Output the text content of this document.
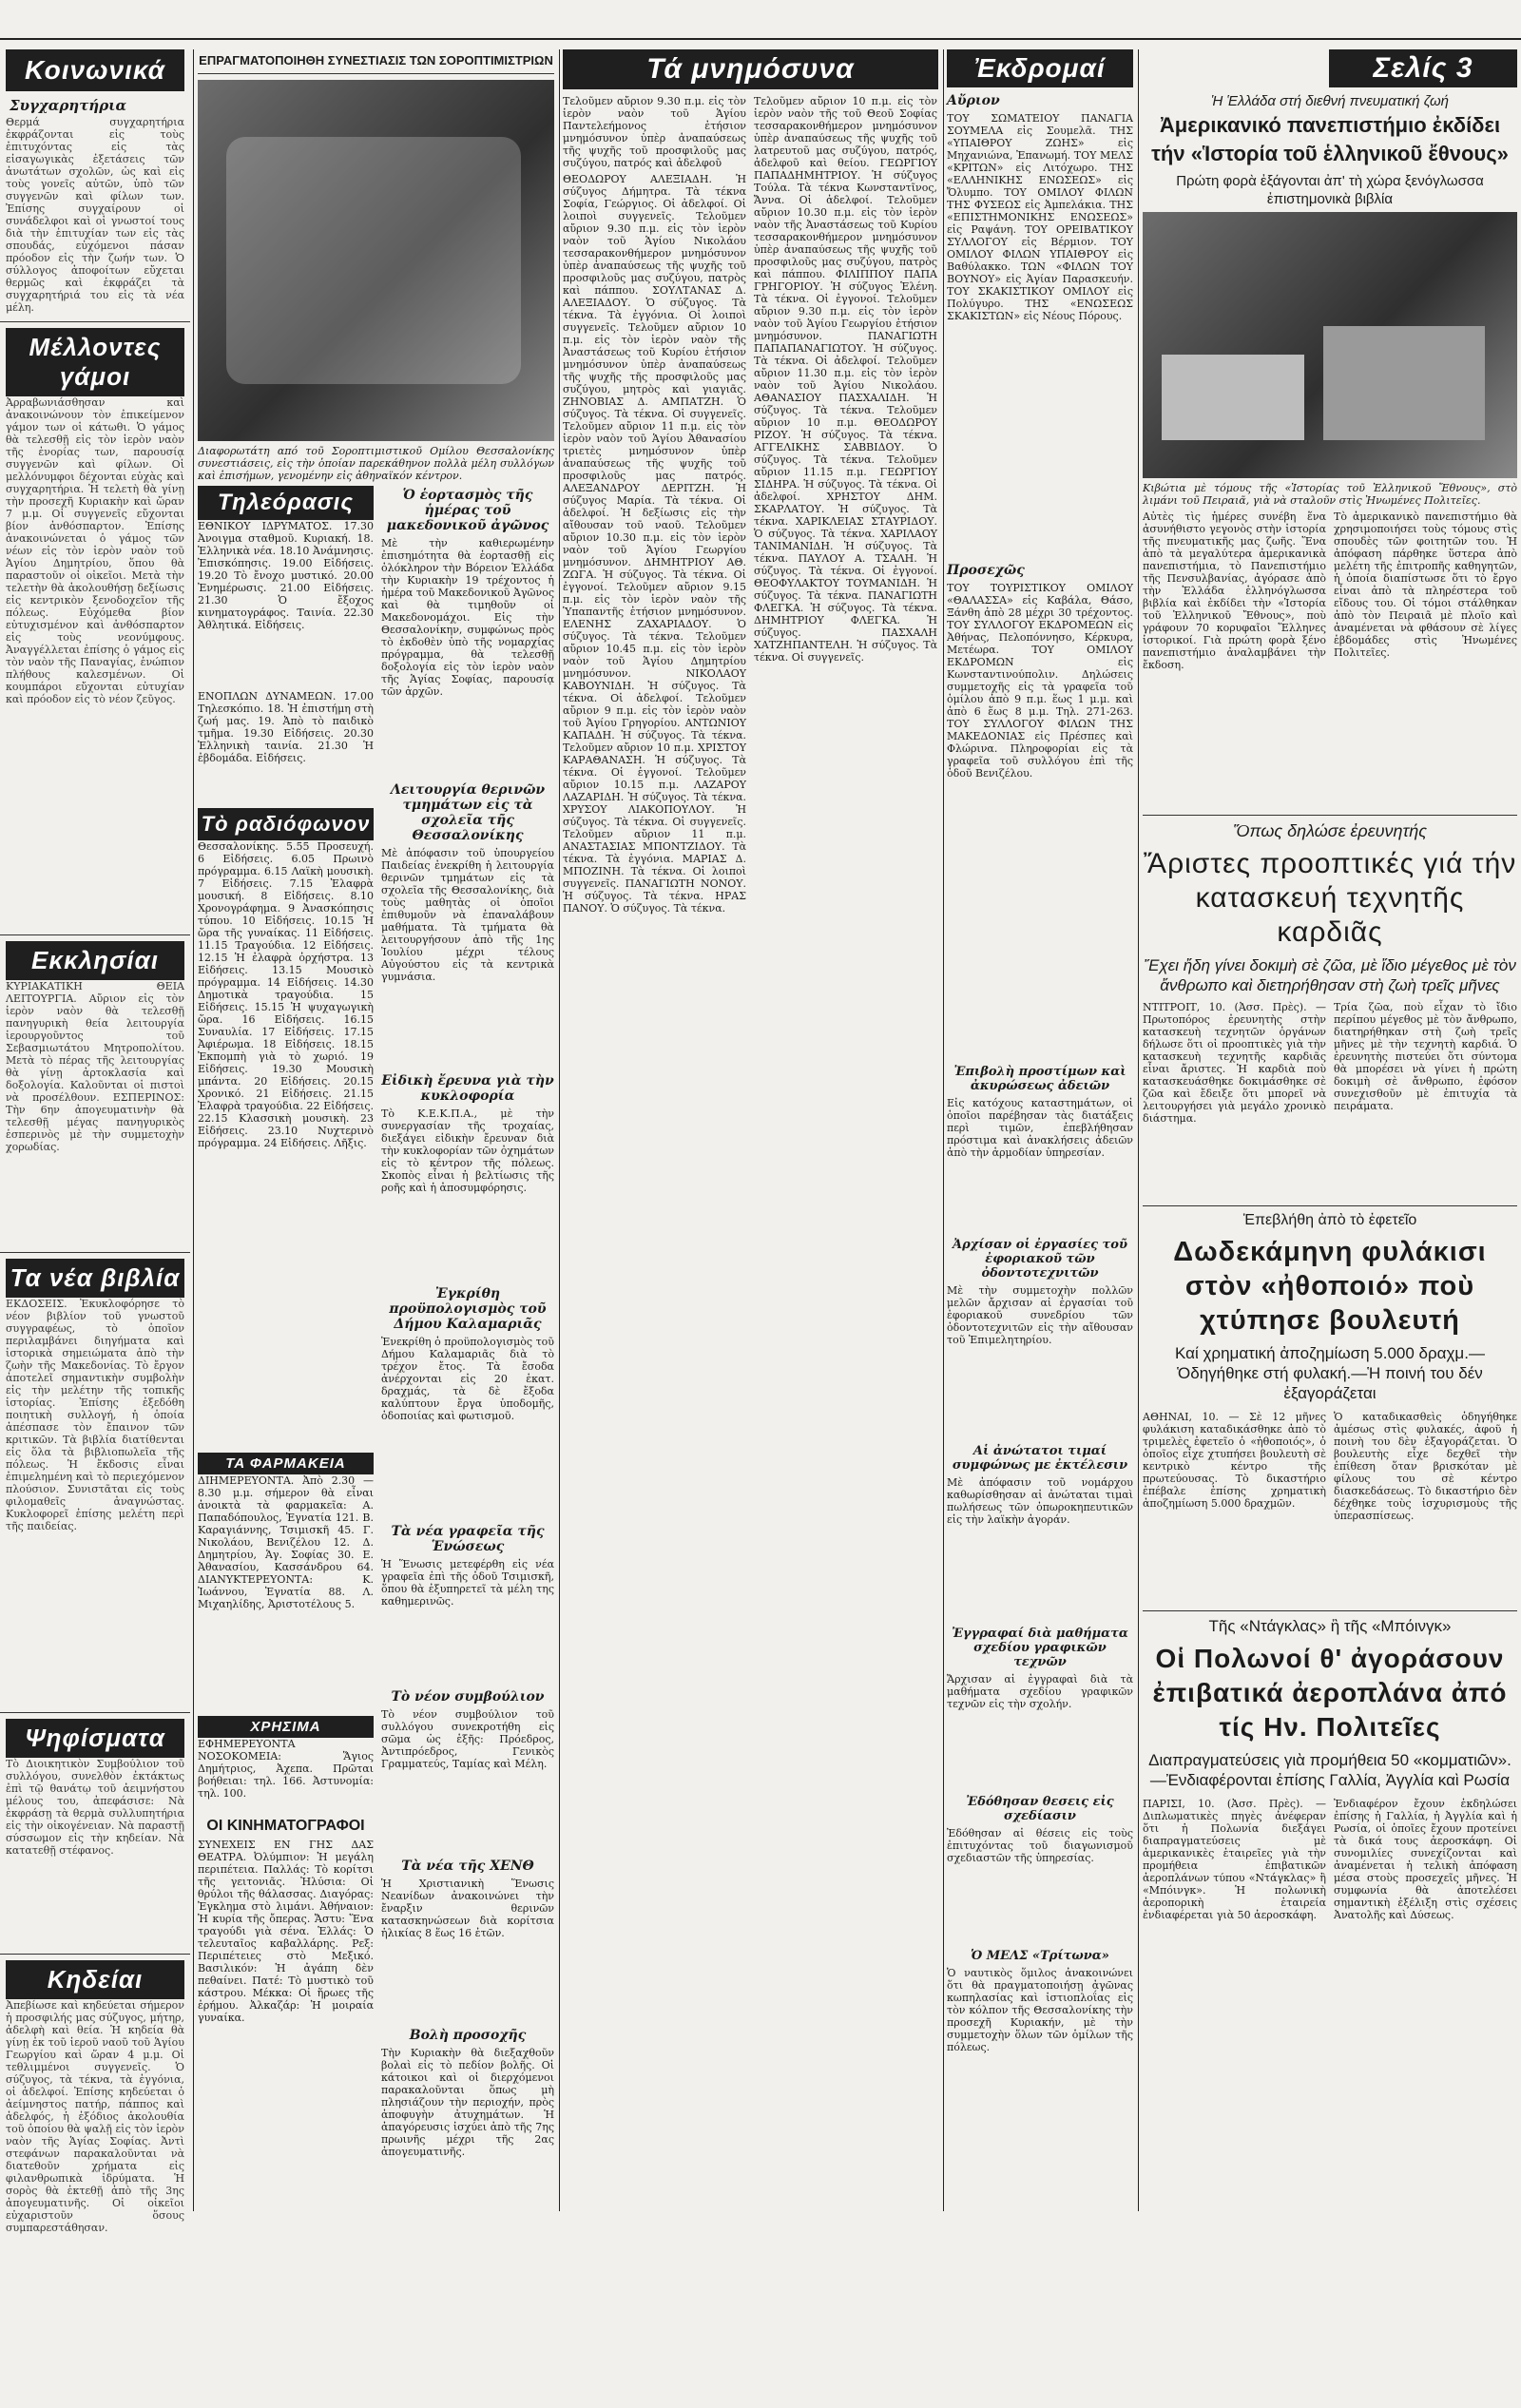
Κοινωνικά
Συγχαρητήρια

Θερμά συγχαρητήρια ἐκφράζονται εἰς τοὺς ἐπιτυχόντας εἰς τὰς εἰσαγωγικὰς ἐξετάσεις τῶν ἀνωτάτων σχολῶν, ὡς καὶ εἰς τοὺς γονεῖς αὐτῶν, ὑπὸ τῶν συγγενῶν καὶ φίλων των. Ἐπίσης συγχαίρουν οἱ συνάδελφοι καὶ οἱ γνωστοί τους διὰ τὴν ἐπιτυχίαν των εἰς τὰς σπουδάς, εὐχόμενοι πάσαν πρόοδον εἰς τὴν ζωήν των. Ὁ σύλλογος ἀποφοίτων εὔχεται θερμῶς καὶ ἐκφράζει τὰ συγχαρητήριά του εἰς τὰ νέα μέλη.

Μέλλοντες γάμοι

Ἀρραβωνιάσθησαν καὶ ἀνακοινώνουν τὸν ἐπικείμενον γάμον των οἱ κάτωθι. Ὁ γάμος θὰ τελεσθῇ εἰς τὸν ἱερὸν ναὸν τῆς ἐνορίας των, παρουσίᾳ συγγενῶν καὶ φίλων. Οἱ μελλόνυμφοι δέχονται εὐχὰς καὶ συγχαρητήρια. Ἡ τελετὴ θὰ γίνῃ τὴν προσεχῆ Κυριακὴν καὶ ὥραν 7 μ.μ. Οἱ συγγενεῖς εὔχονται βίον ἀνθόσπαρτον. Ἐπίσης ἀνακοινώνεται ὁ γάμος τῶν νέων εἰς τὸν ἱερὸν ναὸν τοῦ Ἁγίου Δημητρίου, ὅπου θὰ παραστοῦν οἱ οἰκεῖοι. Μετὰ τὴν τελετὴν θὰ ἀκολουθήσῃ δεξίωσις εἰς κεντρικὸν ξενοδοχεῖον τῆς πόλεως. Εὐχόμεθα βίον εὐτυχισμένον καὶ ἀνθόσπαρτον εἰς τοὺς νεονύμφους. Ἀναγγέλλεται ἐπίσης ὁ γάμος εἰς τὸν ναὸν τῆς Παναγίας, ἐνώπιον πλήθους καλεσμένων. Οἱ κουμπάροι εὔχονται εὐτυχίαν καὶ πρόοδον εἰς τὸ νέον ζεῦγος.

Εκκλησίαι

ΚΥΡΙΑΚΑΤΙΚΗ ΘΕΙΑ ΛΕΙΤΟΥΡΓΙΑ. Αὔριον εἰς τὸν ἱερὸν ναὸν θὰ τελεσθῇ πανηγυρικὴ θεία λειτουργία ἱερουργοῦντος τοῦ Σεβασμιωτάτου Μητροπολίτου. Μετὰ τὸ πέρας τῆς λειτουργίας θὰ γίνῃ ἀρτοκλασία καὶ δοξολογία. Καλοῦνται οἱ πιστοὶ νὰ προσέλθουν. ΕΣΠΕΡΙΝΟΣ: Τὴν 6ην ἀπογευματινὴν θὰ τελεσθῇ μέγας πανηγυρικὸς ἑσπερινὸς μὲ τὴν συμμετοχὴν χορωδίας.

Τα νέα βιβλία

ΕΚΔΟΣΕΙΣ. Ἐκυκλοφόρησε τὸ νέον βιβλίον τοῦ γνωστοῦ συγγραφέως, τὸ ὁποῖον περιλαμβάνει διηγήματα καὶ ἱστορικὰ σημειώματα ἀπὸ τὴν ζωὴν τῆς Μακεδονίας. Τὸ ἔργον ἀποτελεῖ σημαντικὴν συμβολὴν εἰς τὴν μελέτην τῆς τοπικῆς ἱστορίας. Ἐπίσης ἐξεδόθη ποιητικὴ συλλογή, ἡ ὁποία ἀπέσπασε τὸν ἔπαινον τῶν κριτικῶν. Τὰ βιβλία διατίθενται εἰς ὅλα τὰ βιβλιοπωλεῖα τῆς πόλεως. Ἡ ἔκδοσις εἶναι ἐπιμελημένη καὶ τὸ περιεχόμενον πλούσιον. Συνιστᾶται εἰς τοὺς φιλομαθεῖς ἀναγνώστας. Κυκλοφορεῖ ἐπίσης μελέτη περὶ τῆς παιδείας.

Ψηφίσματα

Τὸ Διοικητικὸν Συμβούλιον τοῦ συλλόγου, συνελθὸν ἐκτάκτως ἐπὶ τῷ θανάτῳ τοῦ ἀειμνήστου μέλους του, ἀπεφάσισε: Νὰ ἐκφράσῃ τὰ θερμὰ συλλυπητήρια εἰς τὴν οἰκογένειαν. Νὰ παραστῇ σύσσωμον εἰς τὴν κηδείαν. Νὰ κατατεθῇ στέφανος.

Κηδείαι

Ἀπεβίωσε καὶ κηδεύεται σήμερον ἡ προσφιλής μας σύζυγος, μήτηρ, ἀδελφὴ καὶ θεία. Ἡ κηδεία θὰ γίνῃ ἐκ τοῦ ἱεροῦ ναοῦ τοῦ Ἁγίου Γεωργίου καὶ ὥραν 4 μ.μ. Οἱ τεθλιμμένοι συγγενεῖς. Ὁ σύζυγος, τὰ τέκνα, τὰ ἐγγόνια, οἱ ἀδελφοί. Ἐπίσης κηδεύεται ὁ ἀείμνηστος πατήρ, πάππος καὶ ἀδελφός, ἡ ἐξόδιος ἀκολουθία τοῦ ὁποίου θὰ ψαλῇ εἰς τὸν ἱερὸν ναὸν τῆς Ἁγίας Σοφίας. Ἀντὶ στεφάνων παρακαλοῦνται νὰ διατεθοῦν χρήματα εἰς φιλανθρωπικὰ ἱδρύματα. Ἡ σορὸς θὰ ἐκτεθῇ ἀπὸ τῆς 3ης ἀπογευματινῆς. Οἱ οἰκεῖοι εὐχαριστοῦν ὅσους συμπαρεστάθησαν.

ΕΠΡΑΓΜΑΤΟΠΟΙΗΘΗ ΣΥΝΕΣΤΙΑΣΙΣ ΤΩΝ ΣΟΡΟΠΤΙΜΙΣΤΡΙΩΝ

Διαφορωτάτη από τοῦ Σοροπτιμιστικοῦ Ομίλου Θεσσαλονίκης συνεστιάσεις, εἰς τὴν ὁποίαν παρεκάθηνον πολλὰ μέλη συλλόγων καὶ ἐπισήμων, γενομένην εἰς ἀθηναϊκόν κέντρον.

Τηλεόρασις

ΕΘΝΙΚΟΥ ΙΔΡΥΜΑΤΟΣ. 17.30 Ἀνοιγμα σταθμοῦ. Κυριακή. 18. Ἑλληνικὰ νέα. 18.10 Ἀνάμνησις. Ἐπισκόπησις. 19.00 Εἰδήσεις. 19.20 Τὸ ἔνοχο μυστικό. 20.00 Ἐνημέρωσις. 21.00 Εἰδήσεις. 21.30 Ὁ ἔξοχος κινηματογράφος. Ταινία. 22.30 Ἀθλητικά. Εἰδήσεις.

ΕΝΟΠΛΩΝ ΔΥΝΑΜΕΩΝ. 17.00 Τηλεσκόπιο. 18. Ἡ ἐπιστήμη στὴ ζωή μας. 19. Ἀπὸ τὸ παιδικὸ τμῆμα. 19.30 Εἰδήσεις. 20.30 Ἑλληνικὴ ταινία. 21.30 Ἡ ἐβδομάδα. Εἰδήσεις.

Τὸ ραδιόφωνον

Θεσσαλονίκης. 5.55 Προσευχή. 6 Εἰδήσεις. 6.05 Πρωινὸ πρόγραμμα. 6.15 Λαϊκὴ μουσικὴ. 7 Εἰδήσεις. 7.15 Ἐλαφρὰ μουσική. 8 Εἰδήσεις. 8.10 Χρονογράφημα. 9 Ἀνασκόπησις τύπου. 10 Εἰδήσεις. 10.15 Ἡ ὥρα τῆς γυναίκας. 11 Εἰδήσεις. 11.15 Τραγούδια. 12 Εἰδήσεις. 12.15 Ἡ ἐλαφρὰ ὀρχήστρα. 13 Εἰδήσεις. 13.15 Μουσικὸ πρόγραμμα. 14 Εἰδήσεις. 14.30 Δημοτικὰ τραγούδια. 15 Εἰδήσεις. 15.15 Ἡ ψυχαγωγικὴ ὥρα. 16 Εἰδήσεις. 16.15 Συναυλία. 17 Εἰδήσεις. 17.15 Ἀφιέρωμα. 18 Εἰδήσεις. 18.15 Ἐκπομπὴ γιὰ τὸ χωριό. 19 Εἰδήσεις. 19.30 Μουσικὴ μπάντα. 20 Εἰδήσεις. 20.15 Χρονικό. 21 Εἰδήσεις. 21.15 Ἐλαφρὰ τραγούδια. 22 Εἰδήσεις. 22.15 Κλασσικὴ μουσικὴ. 23 Εἰδήσεις. 23.10 Νυχτερινὸ πρόγραμμα. 24 Εἰδήσεις. Λῆξις.

ΤΑ ΦΑΡΜΑΚΕΙΑ

ΔΙΗΜΕΡΕΥΟΝΤΑ. Ἀπὸ 2.30 — 8.30 μ.μ. σήμερον θὰ εἶναι ἀνοικτὰ τὰ φαρμακεῖα: Α. Παπαδόπουλος, Ἐγνατία 121. Β. Καραγιάννης, Τσιμισκῆ 45. Γ. Νικολάου, Βενιζέλου 12. Δ. Δημητρίου, Ἁγ. Σοφίας 30. Ε. Ἀθανασίου, Κασσάνδρου 64. ΔΙΑΝΥΚΤΕΡΕΥΟΝΤΑ: Κ. Ἰωάννου, Ἐγνατία 88. Λ. Μιχαηλίδης, Ἀριστοτέλους 5.

ΧΡΗΣΙΜΑ

ΕΦΗΜΕΡΕΥΟΝΤΑ ΝΟΣΟΚΟΜΕΙΑ: Ἅγιος Δημήτριος, Ἀχεπα. Πρῶται βοήθειαι: τηλ. 166. Ἀστυνομία: τηλ. 100.

ΟΙ ΚΙΝΗΜΑΤΟΓΡΑΦΟΙ

ΣΥΝΕΧΕΙΣ ΕΝ ΓΗΣ ΔΑΣ ΘΕΑΤΡΑ. Ὀλύμπιον: Ἡ μεγάλη περιπέτεια. Παλλάς: Τὸ κορίτσι τῆς γειτονιᾶς. Ἠλύσια: Οἱ θρύλοι τῆς θάλασσας. Διαγόρας: Ἐγκλημα στὸ λιμάνι. Ἀθήναιον: Ἡ κυρία τῆς ὄπερας. Ἄστυ: Ἕνα τραγούδι γιὰ σένα. Ἑλλάς: Ὁ τελευταῖος καβαλλάρης. Ρεξ: Περιπέτειες στὸ Μεξικό. Βασιλικόν: Ἡ ἀγάπη δὲν πεθαίνει. Πατέ: Τὸ μυστικὸ τοῦ κάστρου. Μέκκα: Οἱ ἥρωες τῆς ἐρήμου. Ἀλκαζάρ: Ἡ μοιραία γυναίκα.

Ὁ ἑορτασμὸς τῆς ἡμέρας τοῦ μακεδονικοῦ ἀγῶνος

Μὲ τὴν καθιερωμένην ἐπισημότητα θὰ ἑορτασθῇ εἰς ὁλόκληρον τὴν Βόρειον Ἑλλάδα τὴν Κυριακὴν 19 τρέχοντος ἡ ἡμέρα τοῦ Μακεδονικοῦ Ἀγῶνος καὶ θὰ τιμηθοῦν οἱ Μακεδονομάχοι. Εἰς τὴν Θεσσαλονίκην, συμφώνως πρὸς τὸ ἐκδοθὲν ὑπὸ τῆς νομαρχίας πρόγραμμα, θὰ τελεσθῇ δοξολογία εἰς τὸν ἱερὸν ναὸν τῆς Ἁγίας Σοφίας, παρουσίᾳ τῶν ἀρχῶν.

Λειτουργία θερινῶν τμημάτων εἰς τὰ σχολεῖα τῆς Θεσσαλονίκης

Μὲ ἀπόφασιν τοῦ ὑπουργείου Παιδείας ἐνεκρίθη ἡ λειτουργία θερινῶν τμημάτων εἰς τὰ σχολεῖα τῆς Θεσσαλονίκης, διὰ τοὺς μαθητὰς οἱ ὁποῖοι ἐπιθυμοῦν νὰ ἐπαναλάβουν μαθήματα. Τὰ τμήματα θὰ λειτουργήσουν ἀπὸ τῆς 1ης Ἰουλίου μέχρι τέλους Αὐγούστου εἰς τὰ κεντρικὰ γυμνάσια.

Εἰδικὴ ἔρευνα γιὰ τὴν κυκλοφορία

Τὸ Κ.Ε.Κ.Π.Α., μὲ τὴν συνεργασίαν τῆς τροχαίας, διεξάγει εἰδικὴν ἔρευναν διὰ τὴν κυκλοφορίαν τῶν ὀχημάτων εἰς τὸ κέντρον τῆς πόλεως. Σκοπὸς εἶναι ἡ βελτίωσις τῆς ροῆς καὶ ἡ ἀποσυμφόρησις.

Ἐγκρίθη προϋπολογισμὸς τοῦ Δήμου Καλαμαριᾶς

Ἐνεκρίθη ὁ προϋπολογισμὸς τοῦ Δήμου Καλαμαριᾶς διὰ τὸ τρέχον ἔτος. Τὰ ἔσοδα ἀνέρχονται εἰς 20 ἑκατ. δραχμάς, τὰ δὲ ἔξοδα καλύπτουν ἔργα ὑποδομῆς, ὁδοποιίας καὶ φωτισμοῦ.

Τὰ νέα γραφεῖα τῆς Ἑνώσεως

Ἡ Ἕνωσις μετεφέρθη εἰς νέα γραφεῖα ἐπὶ τῆς ὁδοῦ Τσιμισκῆ, ὅπου θὰ ἐξυπηρετεῖ τὰ μέλη της καθημερινῶς.

Τὸ νέον συμβούλιον

Τὸ νέον συμβούλιον τοῦ συλλόγου συνεκροτήθη εἰς σῶμα ὡς ἑξῆς: Πρόεδρος, Ἀντιπρόεδρος, Γενικὸς Γραμματεύς, Ταμίας καὶ Μέλη.

Τὰ νέα τῆς ΧΕΝΘ

Ἡ Χριστιανικὴ Ἕνωσις Νεανίδων ἀνακοινώνει τὴν ἔναρξιν θερινῶν κατασκηνώσεων διὰ κορίτσια ἡλικίας 8 ἕως 16 ἐτῶν.

Βολὴ προσοχῆς

Τὴν Κυριακὴν θὰ διεξαχθοῦν βολαὶ εἰς τὸ πεδίον βολῆς. Οἱ κάτοικοι καὶ οἱ διερχόμενοι παρακαλοῦνται ὅπως μὴ πλησιάζουν τὴν περιοχήν, πρὸς ἀποφυγὴν ἀτυχημάτων. Ἡ ἀπαγόρευσις ἰσχύει ἀπὸ τῆς 7ης πρωινῆς μέχρι τῆς 2ας ἀπογευματινῆς.

Τά μνημόσυνα

Τελοῦμεν αὔριον 9.30 π.μ. εἰς τὸν ἱερὸν ναὸν τοῦ Ἁγίου Παντελεήμονος ἐτήσιον μνημόσυνον ὑπὲρ ἀναπαύσεως τῆς ψυχῆς τοῦ προσφιλοῦς μας συζύγου, πατρός καὶ ἀδελφοῦ

ΘΕΟΔΩΡΟΥ ΑΛΕΞΙΑΔΗ. Ἡ σύζυγος Δήμητρα. Τὰ τέκνα Σοφία, Γεώργιος. Οἱ ἀδελφοί. Οἱ λοιποὶ συγγενεῖς. Τελοῦμεν αὔριον 9.30 π.μ. εἰς τὸν ἱερὸν ναὸν τοῦ Ἁγίου Νικολάου τεσσαρακονθήμερον μνημόσυνον ὑπὲρ ἀναπαύσεως τῆς ψυχῆς τοῦ προσφιλοῦς μας συζύγου, πατρὸς καὶ πάππου. ΣΟΥΛΤΑΝΑΣ Δ. ΑΛΕΞΙΑΔΟΥ. Ὁ σύζυγος. Τὰ τέκνα. Τὰ ἐγγόνια. Οἱ λοιποὶ συγγενεῖς. Τελοῦμεν αὔριον 10 π.μ. εἰς τὸν ἱερὸν ναὸν τῆς Ἀναστάσεως τοῦ Κυρίου ἐτήσιον μνημόσυνον ὑπὲρ ἀναπαύσεως τῆς ψυχῆς τῆς προσφιλοῦς μας συζύγου, μητρὸς καὶ γιαγιᾶς. ΖΗΝΟΒΙΑΣ Δ. ΑΜΠΑΤΖΗ. Ὁ σύζυγος. Τὰ τέκνα. Οἱ συγγενεῖς. Τελοῦμεν αὔριον 11 π.μ. εἰς τὸν ἱερὸν ναὸν τοῦ Ἁγίου Ἀθανασίου τριετὲς μνημόσυνον ὑπὲρ ἀναπαύσεως τῆς ψυχῆς τοῦ προσφιλοῦς μας πατρός. ΑΛΕΞΑΝΔΡΟΥ ΔΕΡΙΤΖΗ. Ἡ σύζυγος Μαρία. Τὰ τέκνα. Οἱ ἀδελφοί. Ἡ δεξίωσις εἰς τὴν αἴθουσαν τοῦ ναοῦ. Τελοῦμεν αὔριον 10.30 π.μ. εἰς τὸν ἱερὸν ναὸν τοῦ Ἁγίου Γεωργίου μνημόσυνον. ΔΗΜΗΤΡΙΟΥ ΑΘ. ΖΩΓΑ. Ἡ σύζυγος. Τὰ τέκνα. Οἱ ἐγγονοί. Τελοῦμεν αὔριον 9.15 π.μ. εἰς τὸν ἱερὸν ναὸν τῆς Ὑπαπαντῆς ἐτήσιον μνημόσυνον. ΕΛΕΝΗΣ ΖΑΧΑΡΙΑΔΟΥ. Ὁ σύζυγος. Τὰ τέκνα. Τελοῦμεν αὔριον 10.45 π.μ. εἰς τὸν ἱερὸν ναὸν τοῦ Ἁγίου Δημητρίου μνημόσυνον. ΝΙΚΟΛΑΟΥ ΚΑΒΟΥΝΙΔΗ. Ἡ σύζυγος. Τὰ τέκνα. Οἱ ἀδελφοί. Τελοῦμεν αὔριον 9 π.μ. εἰς τὸν ἱερὸν ναὸν τοῦ Ἁγίου Γρηγορίου. ΑΝΤΩΝΙΟΥ ΚΑΠΑΔΗ. Ἡ σύζυγος. Τὰ τέκνα. Τελοῦμεν αὔριον 10 π.μ. ΧΡΙΣΤΟΥ ΚΑΡΑΘΑΝΑΣΗ. Ἡ σύζυγος. Τὰ τέκνα. Οἱ ἐγγονοί. Τελοῦμεν αὔριον 10.15 π.μ. ΛΑΖΑΡΟΥ ΛΑΖΑΡΙΔΗ. Ἡ σύζυγος. Τὰ τέκνα. ΧΡΥΣΟΥ ΛΙΑΚΟΠΟΥΛΟΥ. Ἡ σύζυγος. Τὰ τέκνα. Οἱ συγγενεῖς. Τελοῦμεν αὔριον 11 π.μ. ΑΝΑΣΤΑΣΙΑΣ ΜΠΟΝΤΖΙΔΟΥ. Τὰ τέκνα. Τὰ ἐγγόνια. ΜΑΡΙΑΣ Δ. ΜΠΟΖΙΝΗ. Τὰ τέκνα. Οἱ λοιποὶ συγγενεῖς. ΠΑΝΑΓΙΩΤΗ ΝΟΝΟΥ. Ἡ σύζυγος. Τὰ τέκνα. ΗΡΑΣ ΠΑΝΟΥ. Ὁ σύζυγος. Τὰ τέκνα.

Τελοῦμεν αὔριον 10 π.μ. εἰς τὸν ἱερὸν ναὸν τῆς τοῦ Θεοῦ Σοφίας τεσσαρακονθήμερον μνημόσυνον ὑπὲρ ἀναπαύσεως τῆς ψυχῆς τοῦ λατρευτοῦ μας συζύγου, πατρός, ἀδελφοῦ καὶ θείου. ΓΕΩΡΓΙΟΥ ΠΑΠΑΔΗΜΗΤΡΙΟΥ. Ἡ σύζυγος Τούλα. Τὰ τέκνα Κωνσταντῖνος, Ἄννα. Οἱ ἀδελφοί. Τελοῦμεν αὔριον 10.30 π.μ. εἰς τὸν ἱερὸν ναὸν τῆς Ἀναστάσεως τοῦ Κυρίου τεσσαρακονθήμερον μνημόσυνον ὑπὲρ ἀναπαύσεως τῆς ψυχῆς τοῦ προσφιλοῦς μας συζύγου, πατρὸς καὶ πάππου. ΦΙΛΙΠΠΟΥ ΠΑΠΑ ΓΡΗΓΟΡΙΟΥ. Ἡ σύζυγος Ἑλένη. Τὰ τέκνα. Οἱ ἐγγονοί. Τελοῦμεν αὔριον 9.30 π.μ. εἰς τὸν ἱερὸν ναὸν τοῦ Ἁγίου Γεωργίου ἐτήσιον μνημόσυνον. ΠΑΝΑΓΙΩΤΗ ΠΑΠΑΠΑΝΑΓΙΩΤΟΥ. Ἡ σύζυγος. Τὰ τέκνα. Οἱ ἀδελφοί. Τελοῦμεν αὔριον 11.30 π.μ. εἰς τὸν ἱερὸν ναὸν τοῦ Ἁγίου Νικολάου. ΑΘΑΝΑΣΙΟΥ ΠΑΣΧΑΛΙΔΗ. Ἡ σύζυγος. Τὰ τέκνα. Τελοῦμεν αὔριον 10 π.μ. ΘΕΟΔΩΡΟΥ ΡΙΖΟΥ. Ἡ σύζυγος. Τὰ τέκνα. ΑΓΓΕΛΙΚΗΣ ΣΑΒΒΙΔΟΥ. Ὁ σύζυγος. Τὰ τέκνα. Τελοῦμεν αὔριον 11.15 π.μ. ΓΕΩΡΓΙΟΥ ΣΙΔΗΡΑ. Ἡ σύζυγος. Τὰ τέκνα. Οἱ ἀδελφοί. ΧΡΗΣΤΟΥ ΔΗΜ. ΣΚΑΡΛΑΤΟΥ. Ἡ σύζυγος. Τὰ τέκνα. ΧΑΡΙΚΛΕΙΑΣ ΣΤΑΥΡΙΔΟΥ. Ὁ σύζυγος. Τὰ τέκνα. ΧΑΡΙΛΑΟΥ ΤΑΝΙΜΑΝΙΔΗ. Ἡ σύζυγος. Τὰ τέκνα. ΠΑΥΛΟΥ Α. ΤΣΑΛΗ. Ἡ σύζυγος. Τὰ τέκνα. Οἱ ἐγγονοί. ΘΕΟΦΥΛΑΚΤΟΥ ΤΟΥΜΑΝΙΔΗ. Ἡ σύζυγος. Τὰ τέκνα. ΠΑΝΑΓΙΩΤΗ ΦΛΕΓΚΑ. Ἡ σύζυγος. Τὰ τέκνα. ΔΗΜΗΤΡΙΟΥ ΦΛΕΓΚΑ. Ἡ σύζυγος. ΠΑΣΧΑΛΗ ΧΑΤΖΗΠΑΝΤΕΛΗ. Ἡ σύζυγος. Τὰ τέκνα. Οἱ συγγενεῖς.

Ἐκδρομαί
Αὔριον

ΤΟΥ ΣΩΜΑΤΕΙΟΥ ΠΑΝΑΓΙΑ ΣΟΥΜΕΛΑ εἰς Σουμελᾶ. ΤΗΣ «ΥΠΑΙΘΡΟΥ ΖΩΗΣ» εἰς Μηχανιώνα, Ἐπανωμή. ΤΟΥ ΜΕΛΣ «ΚΡΙΤΩΝ» εἰς Λιτόχωρο. ΤΗΣ «ΕΛΛΗΝΙΚΗΣ ΕΝΩΣΕΩΣ» εἰς Ὄλυμπο. ΤΟΥ ΟΜΙΛΟΥ ΦΙΛΩΝ ΤΗΣ ΦΥΣΕΩΣ εἰς Ἀμπελάκια. ΤΗΣ «ΕΠΙΣΤΗΜΟΝΙΚΗΣ ΕΝΩΣΕΩΣ» εἰς Ραψάνη. ΤΟΥ ΟΡΕΙΒΑΤΙΚΟΥ ΣΥΛΛΟΓΟΥ εἰς Βέρμιον. ΤΟΥ ΟΜΙΛΟΥ ΦΙΛΩΝ ΥΠΑΙΘΡΟΥ εἰς Βαθύλακκο. ΤΩΝ «ΦΙΛΩΝ ΤΟΥ ΒΟΥΝΟΥ» εἰς Ἀγίαν Παρασκευήν. ΤΟΥ ΣΚΑΚΙΣΤΙΚΟΥ ΟΜΙΛΟΥ εἰς Πολύγυρο. ΤΗΣ «ΕΝΩΣΕΩΣ ΣΚΑΚΙΣΤΩΝ» εἰς Νέους Πόρους.

Προσεχῶς

ΤΟΥ ΤΟΥΡΙΣΤΙΚΟΥ ΟΜΙΛΟΥ «ΘΑΛΑΣΣΑ» εἰς Καβάλα, Θάσο, Ξάνθη ἀπὸ 28 μέχρι 30 τρέχοντος. ΤΟΥ ΣΥΛΛΟΓΟΥ ΕΚΔΡΟΜΕΩΝ εἰς Ἀθήνας, Πελοπόννησο, Κέρκυρα, Μετέωρα. ΤΟΥ ΟΜΙΛΟΥ ΕΚΔΡΟΜΩΝ εἰς Κωνσταντινούπολιν. Δηλώσεις συμμετοχῆς εἰς τὰ γραφεῖα τοῦ ὁμίλου ἀπὸ 9 π.μ. ἕως 1 μ.μ. καὶ ἀπὸ 6 ἕως 8 μ.μ. Τηλ. 271-263. ΤΟΥ ΣΥΛΛΟΓΟΥ ΦΙΛΩΝ ΤΗΣ ΜΑΚΕΔΟΝΙΑΣ εἰς Πρέσπες καὶ Φλώρινα. Πληροφορίαι εἰς τὰ γραφεῖα τοῦ συλλόγου ἐπὶ τῆς ὁδοῦ Βενιζέλου.

Ἐπιβολὴ προστίμων καὶ ἀκυρώσεως ἀδειῶν

Εἰς κατόχους καταστημάτων, οἱ ὁποῖοι παρέβησαν τὰς διατάξεις περὶ τιμῶν, ἐπεβλήθησαν πρόστιμα καὶ ἀνακλήσεις ἀδειῶν ἀπὸ τὴν ἁρμοδίαν ὑπηρεσίαν.

Ἀρχίσαν οἱ ἐργασίες τοῦ ἐφοριακοῦ τῶν ὀδοντοτεχνιτῶν

Μὲ τὴν συμμετοχὴν πολλῶν μελῶν ἄρχισαν αἱ ἐργασίαι τοῦ ἐφοριακοῦ συνεδρίου τῶν ὀδοντοτεχνιτῶν εἰς τὴν αἴθουσαν τοῦ Ἐπιμελητηρίου.

Αἱ ἀνώτατοι τιμαί συμφώνως με ἐκτέλεσιν

Μὲ ἀπόφασιν τοῦ νομάρχου καθωρίσθησαν αἱ ἀνώταται τιμαὶ πωλήσεως τῶν ὀπωροκηπευτικῶν εἰς τὴν λαϊκὴν ἀγοράν.

Ἐγγραφαί διὰ μαθήματα σχεδίου γραφικῶν τεχνῶν

Ἄρχισαν αἱ ἐγγραφαὶ διὰ τὰ μαθήματα σχεδίου γραφικῶν τεχνῶν εἰς τὴν σχολήν.

Ἐδόθησαν θεσεις εἰς σχεδίασιν

Ἐδόθησαν αἱ θέσεις εἰς τοὺς ἐπιτυχόντας τοῦ διαγωνισμοῦ σχεδιαστῶν τῆς ὑπηρεσίας.

Ὁ ΜΕΛΣ «Τρίτωνα»

Ὁ ναυτικὸς ὅμιλος ἀνακοινώνει ὅτι θὰ πραγματοποιήσῃ ἀγῶνας κωπηλασίας καὶ ἱστιοπλοΐας εἰς τὸν κόλπον τῆς Θεσσαλονίκης τὴν προσεχῆ Κυριακήν, μὲ τὴν συμμετοχὴν ὅλων τῶν ὁμίλων τῆς πόλεως.

Σελίς 3
Ἡ Ἑλλάδα στή διεθνή πνευματική ζωή
Ἀμερικανικό πανεπιστήμιο ἐκδίδει τήν «Ἱστορία τοῦ ἑλληνικοῦ ἔθνους»
Πρώτη φορὰ ἐξάγονται ἀπ' τὴ χώρα ξενόγλωσσα ἐπιστημονικὰ βιβλία

Κιβώτια μὲ τόμους τῆς «Ἱστορίας τοῦ Ἑλληνικοῦ Ἔθνους», στὸ λιμάνι τοῦ Πειραιᾶ, γιὰ νὰ σταλοῦν στὶς Ἠνωμένες Πολιτεῖες.

Αὐτὲς τὶς ἡμέρες συνέβη ἕνα ἀσυνήθιστο γεγονὸς στὴν ἱστορία τῆς πνευματικῆς μας ζωῆς. Ἕνα ἀπὸ τὰ μεγαλύτερα ἀμερικανικὰ πανεπιστήμια, τὸ Πανεπιστήμιο τῆς Πενσυλβανίας, ἀγόρασε ἀπὸ τὴν Ἑλλάδα ἑλληνόγλωσσα βιβλία καὶ ἐκδίδει τὴν «Ἱστορία τοῦ Ἑλληνικοῦ Ἔθνους», ποὺ γράφουν 70 κορυφαῖοι Ἕλληνες ἱστορικοί. Γιὰ πρώτη φορὰ ξένο πανεπιστήμιο ἀναλαμβάνει τὴν ἔκδοση.

Τὸ ἀμερικανικὸ πανεπιστήμιο θὰ χρησιμοποιήσει τοὺς τόμους στὶς σπουδὲς τῶν φοιτητῶν του. Ἡ ἀπόφαση πάρθηκε ὕστερα ἀπὸ μελέτη τῆς ἐπιτροπῆς καθηγητῶν, ἡ ὁποία διαπίστωσε ὅτι τὸ ἔργο εἶναι ἀπὸ τὰ πληρέστερα τοῦ εἴδους του. Οἱ τόμοι στάλθηκαν ἀπὸ τὸν Πειραιᾶ μὲ πλοῖο καὶ ἀναμένεται νὰ φθάσουν σὲ λίγες ἑβδομάδες στὶς Ἠνωμένες Πολιτεῖες.

Ὅπως δηλώσε ἐρευνητής
Ἄριστες προοπτικές γιά τήν κατασκευή τεχνητῆς καρδιᾶς
Ἔχει ἤδη γίνει δοκιμὴ σὲ ζῶα, μὲ ἴδιο μέγεθος μὲ τὸν ἄνθρωπο καὶ διετηρήθησαν στὴ ζωὴ τρεῖς μῆνες

ΝΤΙΤΡΟΙΤ, 10. (Ἀσσ. Πρὲς). — Πρωτοπόρος ἐρευνητὴς στὴν κατασκευὴ τεχνητῶν ὀργάνων δήλωσε ὅτι οἱ προοπτικὲς γιὰ τὴν κατασκευὴ τεχνητῆς καρδιᾶς εἶναι ἄριστες. Ἡ καρδιὰ ποὺ κατασκευάσθηκε δοκιμάσθηκε σὲ ζῶα καὶ ἔδειξε ὅτι μπορεῖ νὰ λειτουργήσει γιὰ μεγάλο χρονικὸ διάστημα.

Τρία ζῶα, ποὺ εἶχαν τὸ ἴδιο περίπου μέγεθος μὲ τὸν ἄνθρωπο, διατηρήθηκαν στὴ ζωὴ τρεῖς μῆνες μὲ τὴν τεχνητὴ καρδιά. Ὁ ἐρευνητὴς πιστεύει ὅτι σύντομα θὰ μπορέσει νὰ γίνει ἡ πρώτη δοκιμὴ σὲ ἄνθρωπο, ἐφόσον συνεχισθοῦν μὲ ἐπιτυχία τὰ πειράματα.

Ἐπεβλήθη ἀπὸ τὸ ἐφετεῖο
Δωδεκάμηνη φυλάκισι στὸν «ἠθοποιό» ποὺ χτύπησε βουλευτή
Καί χρηματική ἀποζημίωση 5.000 δραχμ.—Ὁδηγήθηκε στή φυλακή.—Ἡ ποινή του δέν ἐξαγοράζεται

ΑΘΗΝΑΙ, 10. — Σὲ 12 μῆνες φυλάκιση καταδικάσθηκε ἀπὸ τὸ τριμελὲς ἐφετεῖο ὁ «ἠθοποιός», ὁ ὁποῖος εἶχε χτυπήσει βουλευτὴ σὲ κεντρικὸ κέντρο τῆς πρωτεύουσας. Τὸ δικαστήριο ἐπέβαλε ἐπίσης χρηματικὴ ἀποζημίωση 5.000 δραχμῶν.

Ὁ καταδικασθεὶς ὁδηγήθηκε ἀμέσως στὶς φυλακές, ἀφοῦ ἡ ποινὴ του δὲν ἐξαγοράζεται. Ὁ βουλευτὴς εἶχε δεχθεῖ τὴν ἐπίθεση ὅταν βρισκόταν μὲ φίλους του σὲ κέντρο διασκεδάσεως. Τὸ δικαστήριο δὲν δέχθηκε τοὺς ἰσχυρισμοὺς τῆς ὑπερασπίσεως.

Τῆς «Ντάγκλας» ἢ τῆς «Μπόινγκ»
Οἱ Πολωνοί θ' ἀγοράσουν ἐπιβατικά ἀεροπλάνα ἀπό τίς Ην. Πολιτεῖες
Διαπραγματεύσεις γιὰ προμήθεια 50 «κομματιῶν».—Ἐνδιαφέρονται ἐπίσης Γαλλία, Ἀγγλία καὶ Ρωσία

ΠΑΡΙΣΙ, 10. (Ἀσσ. Πρὲς). — Διπλωματικὲς πηγὲς ἀνέφεραν ὅτι ἡ Πολωνία διεξάγει διαπραγματεύσεις μὲ ἀμερικανικὲς ἑταιρεῖες γιὰ τὴν προμήθεια ἐπιβατικῶν ἀεροπλάνων τύπου «Ντάγκλας» ἢ «Μπόινγκ». Ἡ πολωνικὴ ἀεροπορικὴ ἑταιρεία ἐνδιαφέρεται γιὰ 50 ἀεροσκάφη.

Ἐνδιαφέρον ἔχουν ἐκδηλώσει ἐπίσης ἡ Γαλλία, ἡ Ἀγγλία καὶ ἡ Ρωσία, οἱ ὁποῖες ἔχουν προτείνει τὰ δικά τους ἀεροσκάφη. Οἱ συνομιλίες συνεχίζονται καὶ ἀναμένεται ἡ τελικὴ ἀπόφαση μέσα στοὺς προσεχεῖς μῆνες. Ἡ συμφωνία θὰ ἀποτελέσει σημαντικὴ ἐξέλιξη στὶς σχέσεις Ἀνατολῆς καὶ Δύσεως.
